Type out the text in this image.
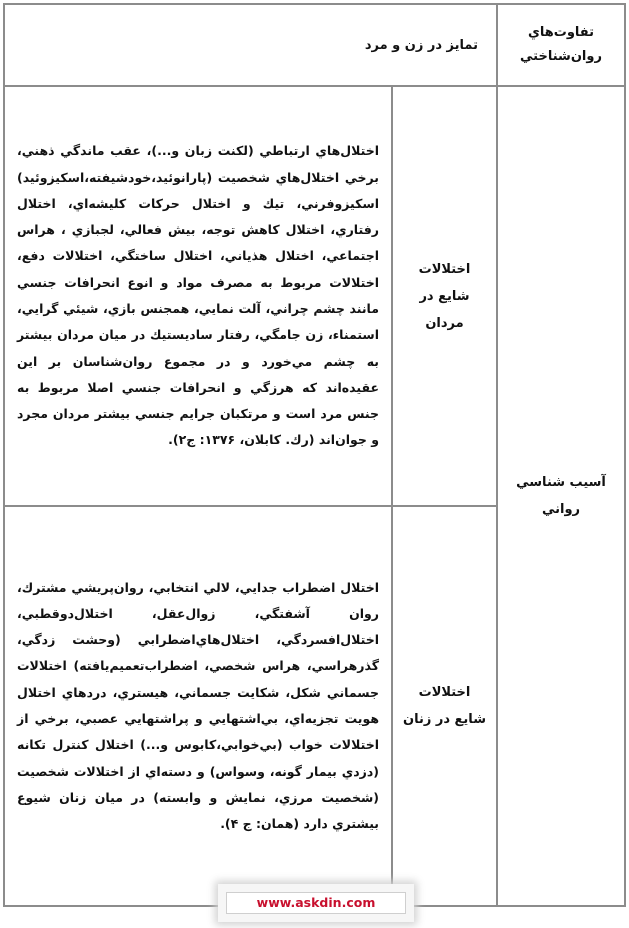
تفاوت‌هاي روان‌شناختي	تمايز در زن و مرد	
آسيب شناسي رواني	اختلالات شايع در مردان	اختلال‌هاي ارتباطي (لكنت زبان و...)، عقب ماندگي ذهني، برخي اختلال‌هاي شخصيت (پارانوئيد،خودشيفته،اسكيزوئيد) اسكيزوفرني، تيك و اختلال حركات كليشه‌اي، اختلال رفتاري، اختلال كاهش توجه، بيش فعالي، لجبازي ، هراس اجتماعي، اختلال هذياني، اختلال ساختگي، اختلالات دفع، اختلالات مربوط به مصرف مواد و انوع انحرافات جنسي مانند چشم چراني، آلت نمايي، همجنس بازي، شيئي گرايي، استمناء، زن جامگي، رفتار ساديستيك در ميان مردان بيشتر به چشم مي‌خورد و در مجموع روان‌شناسان بر اين عقيده‌اند كه هرزگي و انحرافات جنسي اصلا مربوط به جنس مرد است و مرتكبان جرايم جنسي بيشتر مردان مجرد و جوان‌اند (رك. كابلان، ۱۳۷۶: ج۲).
	اختلالات شايع در زنان	اختلال اضطراب جدايي، لالي انتخابي، روان‌پريشي مشترك، روان آشفتگي، زوال‌عقل، اختلال‌دوقطبي، اختلال‌افسردگي، اختلال‌هاي‌اضطرابي (وحشت زدگي، گذرهراسي، هراس شخصي، اضطراب‌تعميم‌يافته) اختلالات جسماني شكل، شكايت جسماني، هيستري، دردهاي اختلال هويت تجزيه‌اي، بي‌اشتهايي و پراشتهايي عصبي، برخي از اختلالات خواب (بي‌خوابي،كابوس و...) اختلال كنترل تكانه (دزدي بيمار گونه، وسواس) و دسته‌اي از اختلالات شخصيت (شخصيت مرزي، نمايش و وابسته) در ميان زنان شيوع بيشتري دارد (همان: ج ۴).
www.askdin.com
